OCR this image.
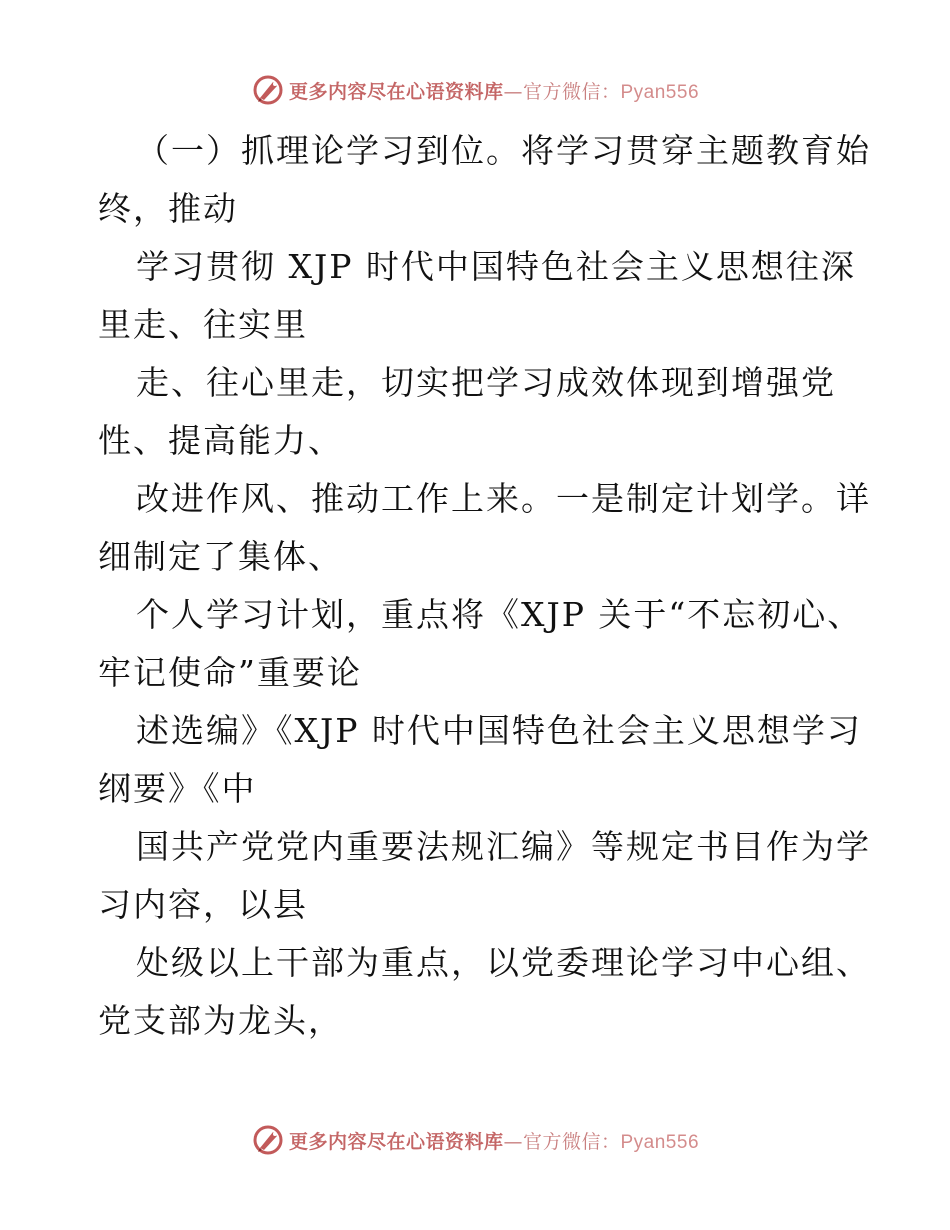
更多内容尽在心语资料库—官方微信：Pyan556

（一）抓理论学习到位。将学习贯穿主题教育始

终，推动

学习贯彻 XJP 时代中国特色社会主义思想往深

里走、往实里

走、往心里走，切实把学习成效体现到增强党

性、提高能力、

改进作风、推动工作上来。一是制定计划学。详

细制定了集体、

个人学习计划，重点将《XJP 关于“不忘初心、

牢记使命”重要论

述选编》《XJP 时代中国特色社会主义思想学习

纲要》《中

国共产党党内重要法规汇编》等规定书目作为学

习内容，以县

处级以上干部为重点，以党委理论学习中心组、

党支部为龙头，

更多内容尽在心语资料库—官方微信：Pyan556
